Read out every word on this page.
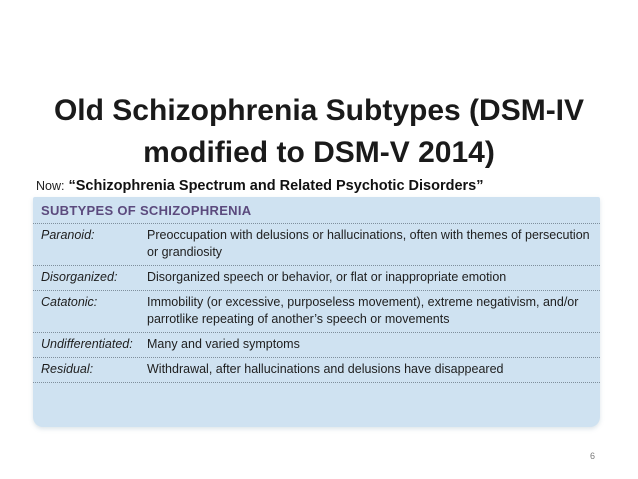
Old Schizophrenia Subtypes (DSM-IV
modified to DSM-V 2014)
Now: “Schizophrenia Spectrum and Related Psychotic Disorders”
SUBTYPES OF SCHIZOPHRENIA
Paranoid:	Preoccupation with delusions or hallucinations, often with themes of persecution or grandiosity
Disorganized:	Disorganized speech or behavior, or flat or inappropriate emotion
Catatonic:	Immobility (or excessive, purposeless movement), extreme negativism, and/or parrotlike repeating of another’s speech or movements
Undifferentiated:	Many and varied symptoms
Residual:	Withdrawal, after hallucinations and delusions have disappeared
6
